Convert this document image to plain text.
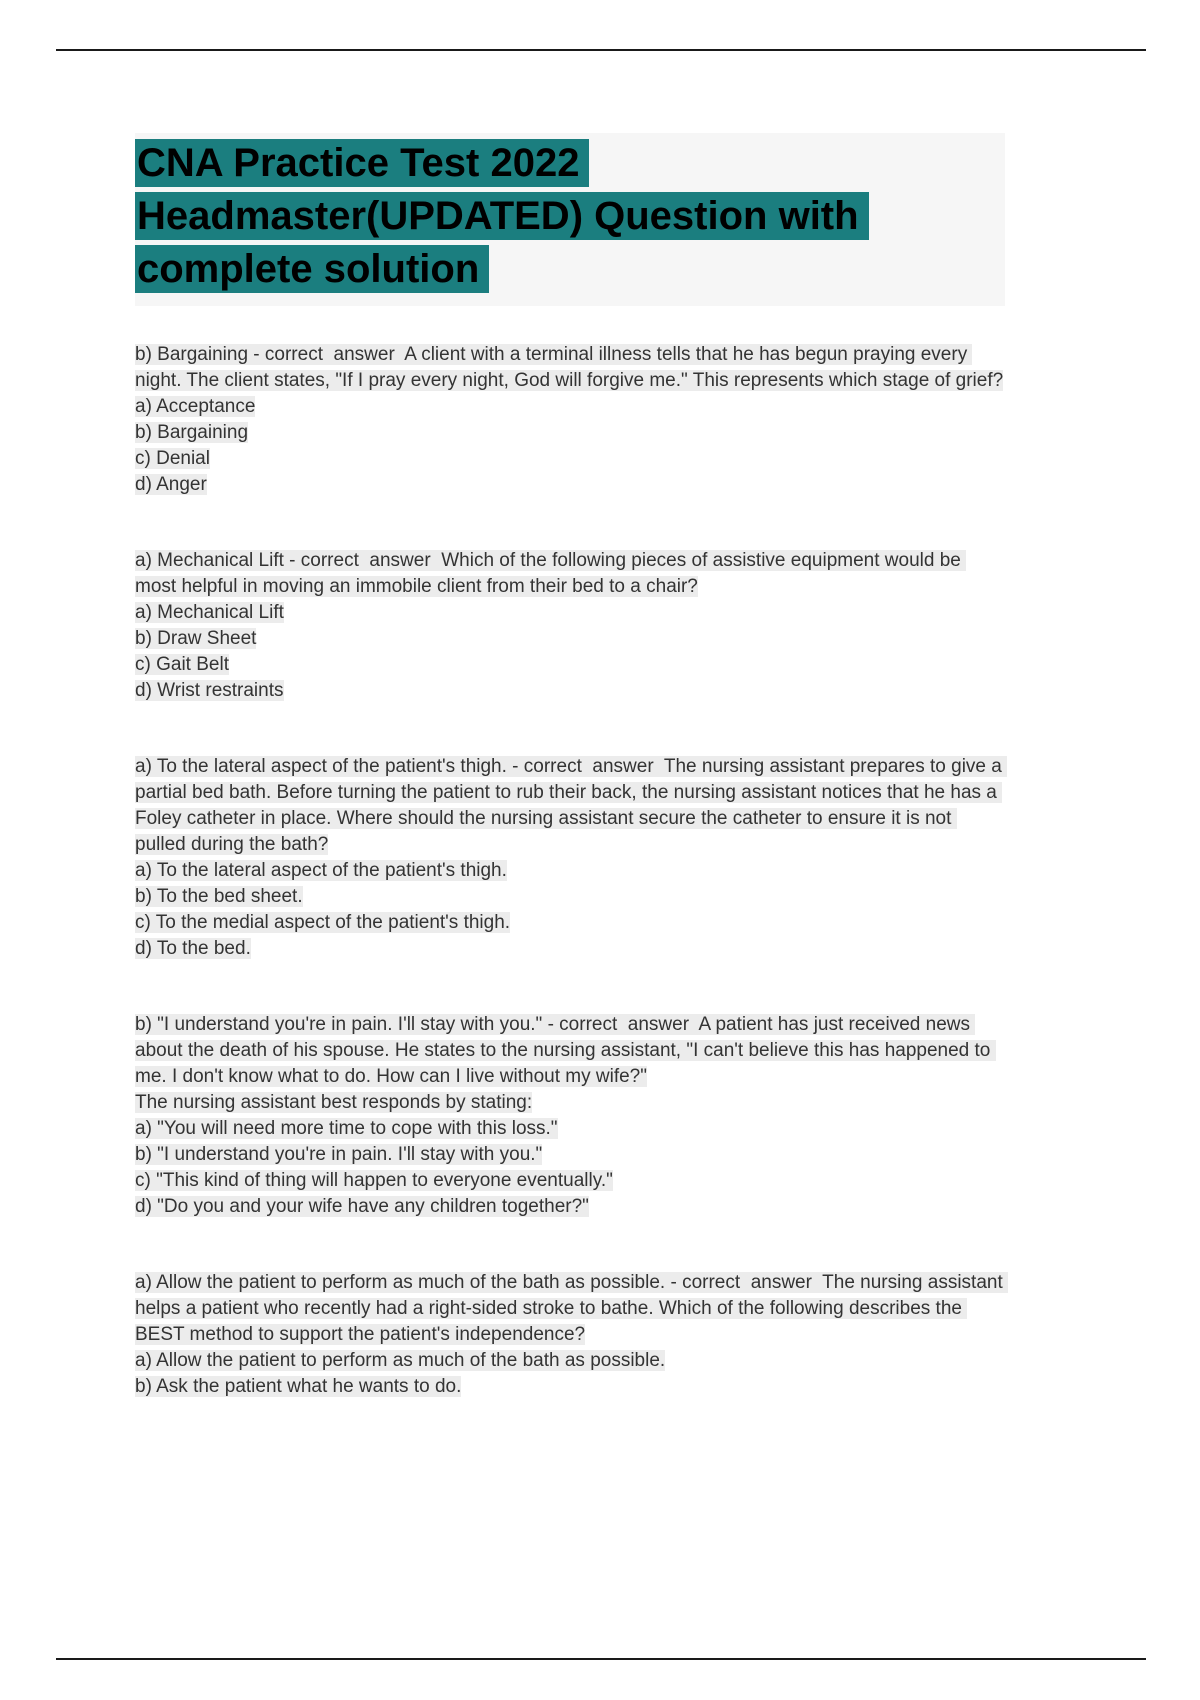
CNA Practice Test 2022
Headmaster(UPDATED) Question with
complete solution
b) Bargaining - correct  answer  A client with a terminal illness tells that he has begun praying every night. The client states, "If I pray every night, God will forgive me." This represents which stage of grief?
a) Acceptance
b) Bargaining
c) Denial
d) Anger
a) Mechanical Lift - correct  answer  Which of the following pieces of assistive equipment would be most helpful in moving an immobile client from their bed to a chair?
a) Mechanical Lift
b) Draw Sheet
c) Gait Belt
d) Wrist restraints
a) To the lateral aspect of the patient's thigh. - correct  answer  The nursing assistant prepares to give a partial bed bath. Before turning the patient to rub their back, the nursing assistant notices that he has a Foley catheter in place. Where should the nursing assistant secure the catheter to ensure it is not pulled during the bath?
a) To the lateral aspect of the patient's thigh.
b) To the bed sheet.
c) To the medial aspect of the patient's thigh.
d) To the bed.
b) "I understand you're in pain. I'll stay with you." - correct  answer  A patient has just received news about the death of his spouse. He states to the nursing assistant, "I can't believe this has happened to me. I don't know what to do. How can I live without my wife?"
The nursing assistant best responds by stating:
a) "You will need more time to cope with this loss."
b) "I understand you're in pain. I'll stay with you."
c) "This kind of thing will happen to everyone eventually."
d) "Do you and your wife have any children together?"
a) Allow the patient to perform as much of the bath as possible. - correct  answer  The nursing assistant helps a patient who recently had a right-sided stroke to bathe. Which of the following describes the BEST method to support the patient's independence?
a) Allow the patient to perform as much of the bath as possible.
b) Ask the patient what he wants to do.
